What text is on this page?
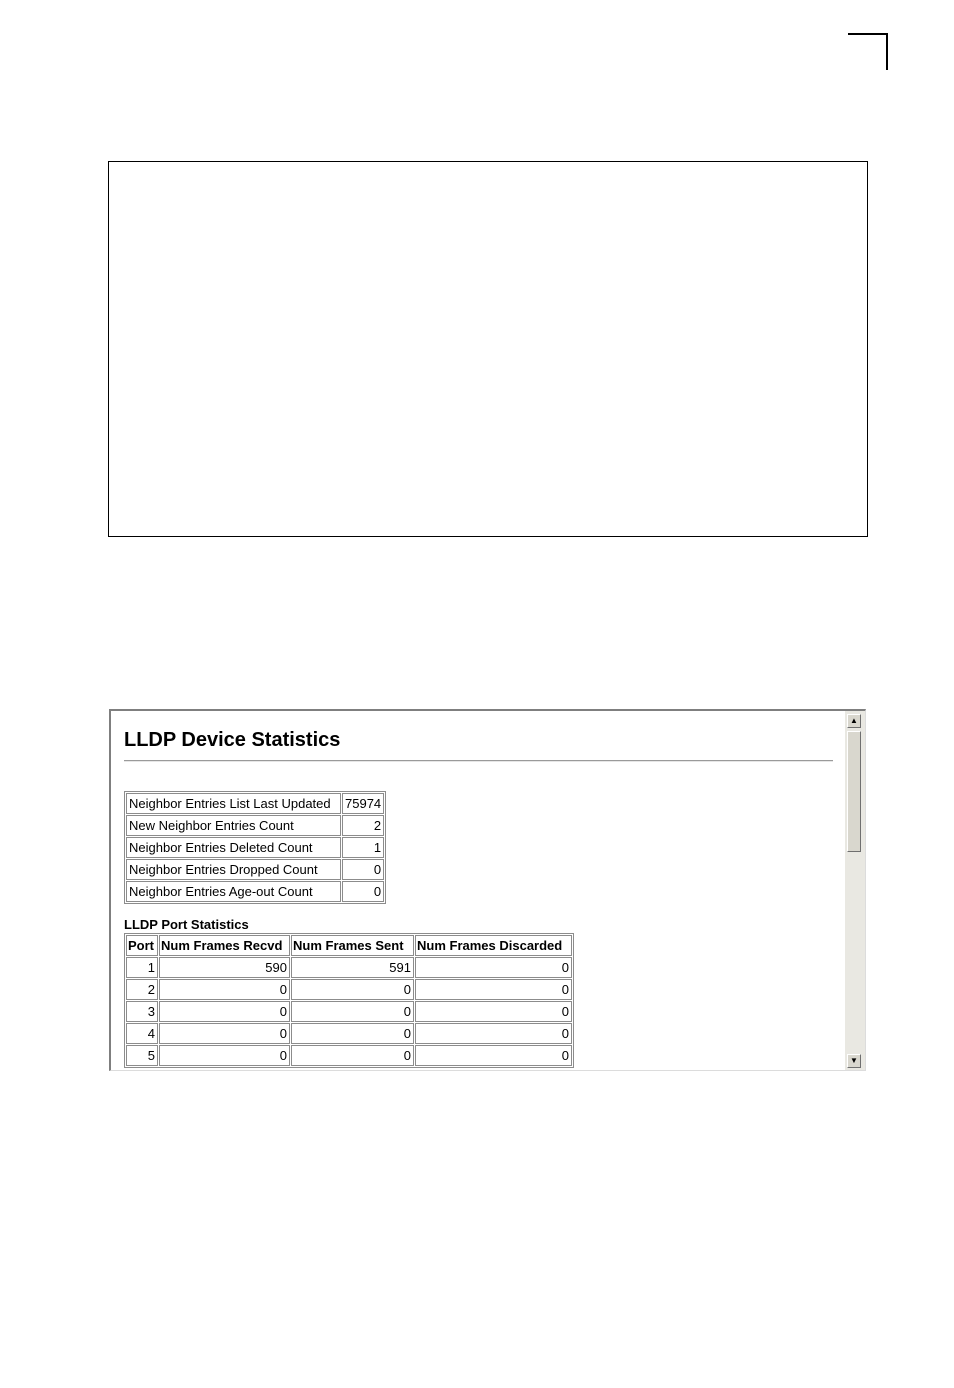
LLDP Device Statistics
Neighbor Entries List Last Updated	75974
New Neighbor Entries Count	2
Neighbor Entries Deleted Count	1
Neighbor Entries Dropped Count	0
Neighbor Entries Age-out Count	0
LLDP Port Statistics
Port	Num Frames Recvd	Num Frames Sent	Num Frames Discarded
1	590	591	0
2	0	0	0
3	0	0	0
4	0	0	0
5	0	0	0
▲
▼
